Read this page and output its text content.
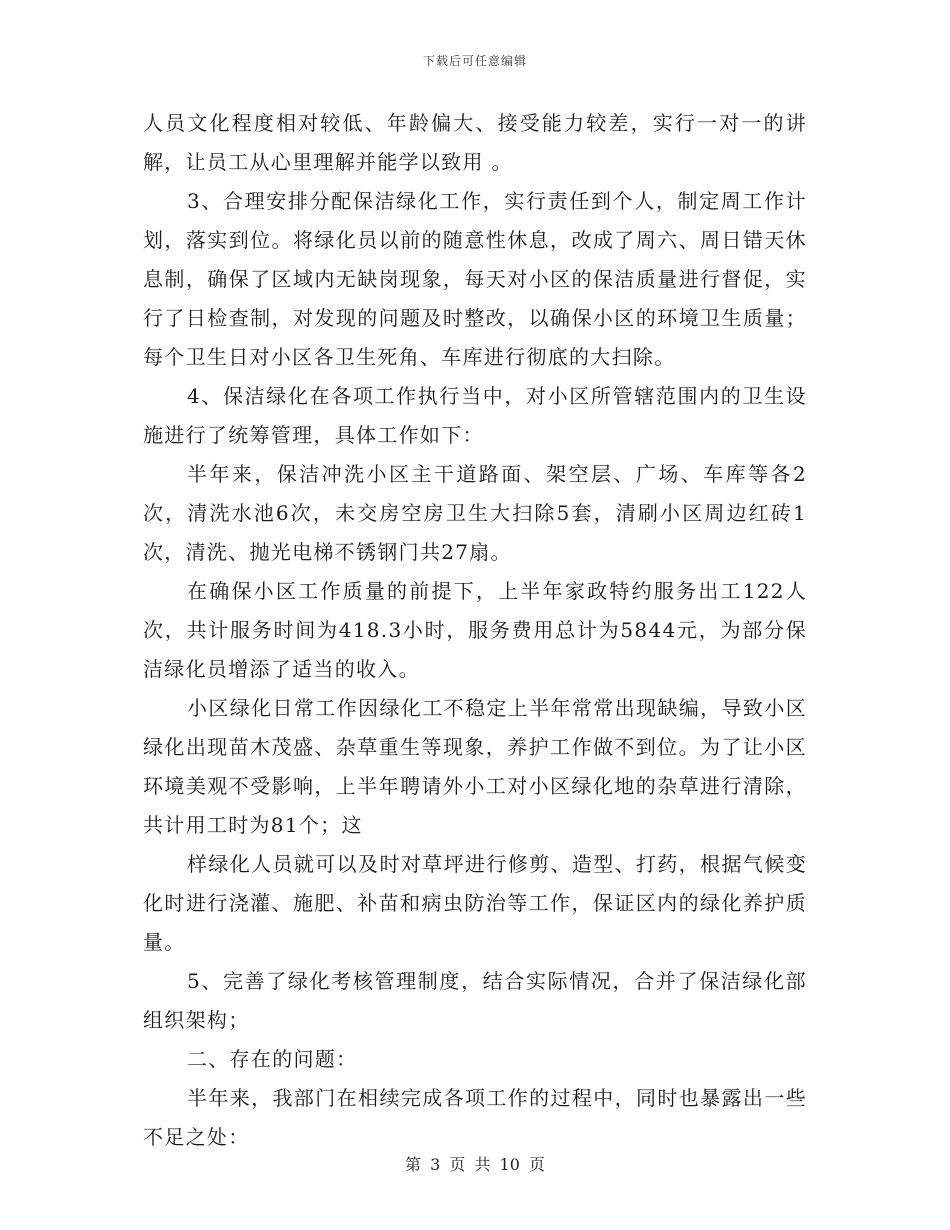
下载后可任意编辑

人员文化程度相对较低、年龄偏大、接受能力较差，实行一对一的讲解，让员工从心里理解并能学以致用 。

3、合理安排分配保洁绿化工作，实行责任到个人，制定周工作计划，落实到位。将绿化员以前的随意性休息，改成了周六、周日错天休息制，确保了区域内无缺岗现象，每天对小区的保洁质量进行督促，实行了日检查制，对发现的问题及时整改，以确保小区的环境卫生质量；每个卫生日对小区各卫生死角、车库进行彻底的大扫除。

4、保洁绿化在各项工作执行当中，对小区所管辖范围内的卫生设施进行了统筹管理，具体工作如下：

半年来，保洁冲洗小区主干道路面、架空层、广场、车库等各2次，清洗水池6次，未交房空房卫生大扫除5套，清刷小区周边红砖1次，清洗、抛光电梯不锈钢门共27扇。

在确保小区工作质量的前提下，上半年家政特约服务出工122人次，共计服务时间为418.3小时，服务费用总计为5844元，为部分保洁绿化员增添了适当的收入。

小区绿化日常工作因绿化工不稳定上半年常常出现缺编，导致小区绿化出现苗木茂盛、杂草重生等现象，养护工作做不到位。为了让小区环境美观不受影响，上半年聘请外小工对小区绿化地的杂草进行清除，共计用工时为81个；这

样绿化人员就可以及时对草坪进行修剪、造型、打药，根据气候变化时进行浇灌、施肥、补苗和病虫防治等工作，保证区内的绿化养护质量。

5、完善了绿化考核管理制度，结合实际情况，合并了保洁绿化部组织架构；

二、存在的问题：

半年来，我部门在相续完成各项工作的过程中，同时也暴露出一些不足之处：

第 3 页 共 10 页
